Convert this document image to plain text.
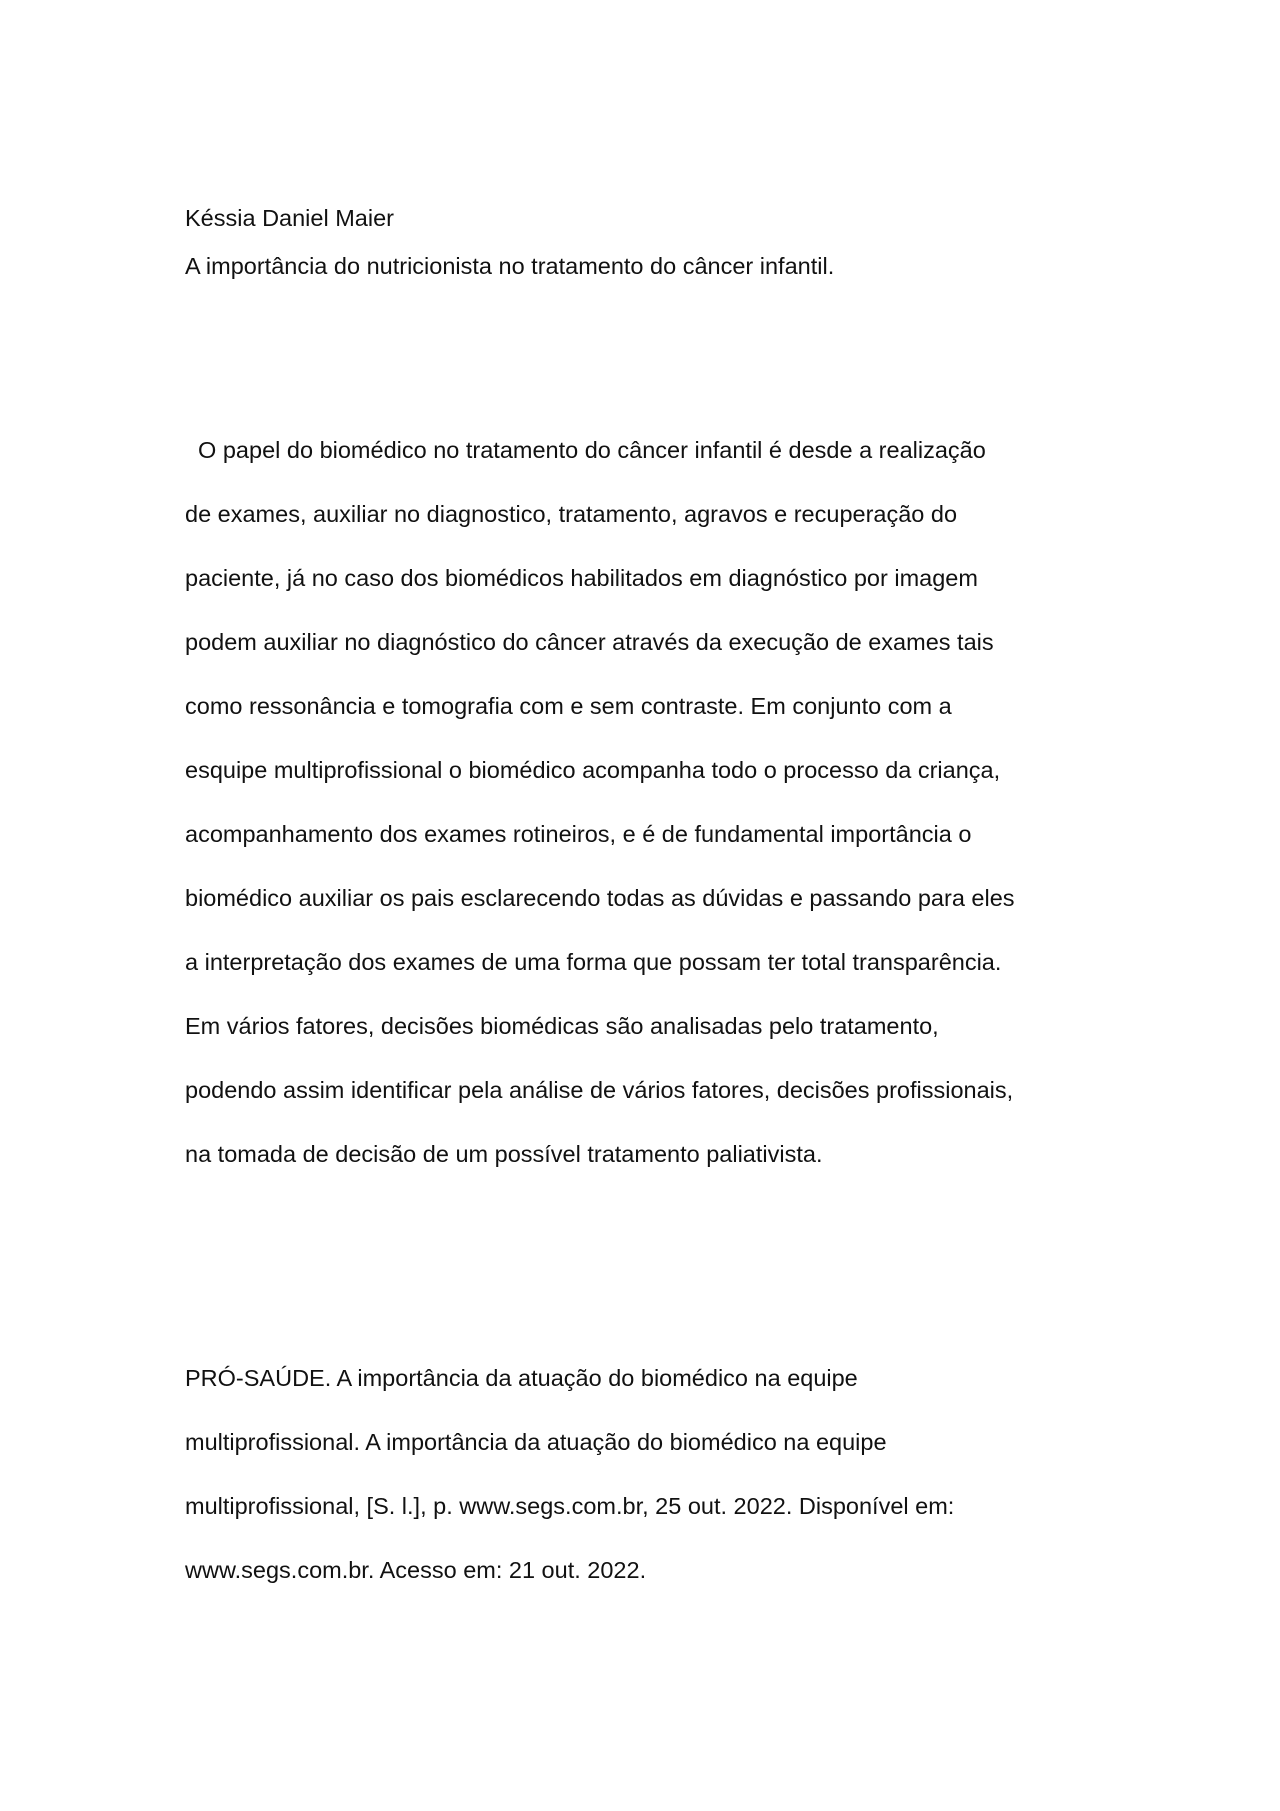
Késsia Daniel Maier

A importância do nutricionista no tratamento do câncer infantil.

O papel do biomédico no tratamento do câncer infantil é desde a realização

de exames, auxiliar no diagnostico, tratamento, agravos e recuperação do

paciente, já no caso dos biomédicos habilitados em diagnóstico por imagem

podem auxiliar no diagnóstico do câncer através da execução de exames tais

como ressonância e tomografia com e sem contraste. Em conjunto com a

esquipe multiprofissional o biomédico acompanha todo o processo da criança,

acompanhamento dos exames rotineiros, e é de fundamental importância o

biomédico auxiliar os pais esclarecendo todas as dúvidas e passando para eles

a interpretação dos exames de uma forma que possam ter total transparência.

Em vários fatores, decisões biomédicas são analisadas pelo tratamento,

podendo assim identificar pela análise de vários fatores, decisões profissionais,

na tomada de decisão de um possível tratamento paliativista.

PRÓ-SAÚDE. A importância da atuação do biomédico na equipe

multiprofissional. A importância da atuação do biomédico na equipe

multiprofissional, [S. l.], p. www.segs.com.br, 25 out. 2022. Disponível em:

www.segs.com.br. Acesso em: 21 out. 2022.
